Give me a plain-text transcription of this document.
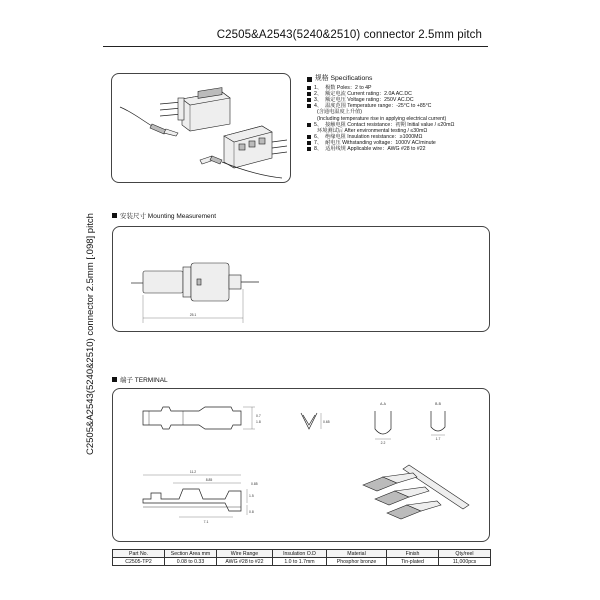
C2505&A2543(5240&2510) connector 2.5mm pitch
C2505&A2543(5240&2510) connector 2.5mm [.098] pitch
规格 Specifications
1、 极数 Poles：2 to 4P
2、 额定电流 Current rating：2.0A AC.DC
3、 额定电压 Voltage rating：250V AC.DC
4、 温度范围 Temperature range：-25°C to +85°C
(含通电温度上升值)
(Including temperature rise in applying electrical current)
5、 接触电阻 Contact resistance：初期 Initial value / ≤20mΩ
环境测试后 After environmental testing / ≤30mΩ
6、 绝缘电阻 Insulation resistance：≥1000MΩ
7、 耐电压 Withstanding voltage：1000V AC/minute
8、 适用线规 Applicable wire：AWG #28 to #22
安装尺寸 Mounting Measurement
25.1
端子 TERMINAL
0.7
1.8	0.65
A-A
2.2
B-B
1.7
11.2
8.85
7.1
1.5
0.8
0.85
Part No.	Section Area mm	Wire Range	Insulation O.D	Material	Finish	Qty/reel
C2505-TP2	0.08 to 0.33	AWG #28 to #22	1.0 to 1.7mm	Phosphor bronze	Tin-plated	11,000pcs
